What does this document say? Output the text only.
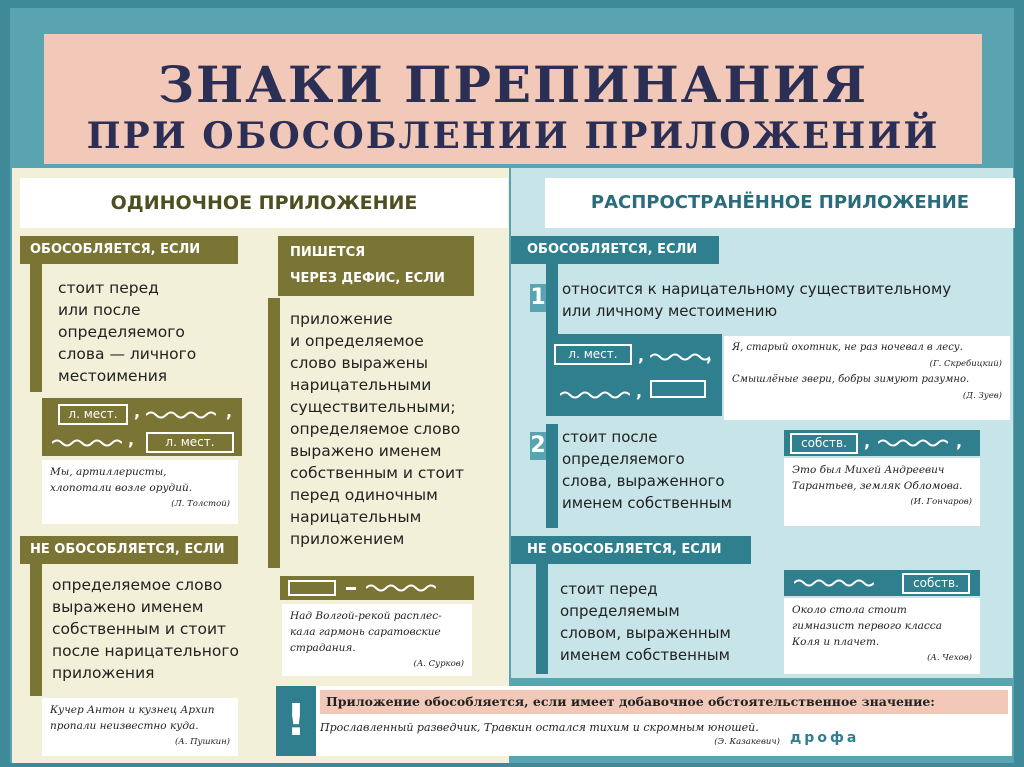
ЗНАКИ ПРЕПИНАНИЯ
ПРИ ОБОСОБЛЕНИИ ПРИЛОЖЕНИЙ
ОДИНОЧНОЕ ПРИЛОЖЕНИЕ	РАСПРОСТРАНЁННОЕ ПРИЛОЖЕНИЕ
ОБОСОБЛЯЕТСЯ, ЕСЛИ
стоит перед
или после
определяемого
слова — личного
местоимения
л. мест.	,	,
,	л. мест.
Мы, артиллеристы,
хлопотали возле орудий.
(Л. Толстой)
ПИШЕТСЯ
ЧЕРЕЗ ДЕФИС, ЕСЛИ
приложение
и определяемое
слово выражены
нарицательными
существительными;
определяемое слово
выражено именем
собственным и стоит
перед одиночным
нарицательным
приложением
Над Волгой-рекой расплес-
кала гармонь саратовские
страдания.
(А. Сурков)
НЕ ОБОСОБЛЯЕТСЯ, ЕСЛИ
определяемое слово
выражено именем
собственным и стоит
после нарицательного
приложения
Кучер Антон и кузнец Архип
пропали неизвестно куда.
(А. Пушкин)
ОБОСОБЛЯЕТСЯ, ЕСЛИ
1 относится к нарицательному существительному
или личному местоимению
л. мест.	,	,
,
Я, старый охотник, не раз ночевал в лесу.
(Г. Скребицкий)
Смышлёные звери, бобры зимуют разумно.
(Д. Зуев)
2 стоит после
определяемого
слова, выраженного
именем собственным
собств.	,	,
Это был Михей Андреевич
Тарантьев, земляк Обломова.
(И. Гончаров)
НЕ ОБОСОБЛЯЕТСЯ, ЕСЛИ
стоит перед
определяемым
словом, выраженным
именем собственным
собств.
Около стола стоит
гимназист первого класса
Коля и плачет.
(А. Чехов)
!	Приложение обособляется, если имеет добавочное обстоятельственное значение:
Прославленный разведчик, Травкин остался тихим и скромным юношей.
(Э. Казакевич) дрофа
